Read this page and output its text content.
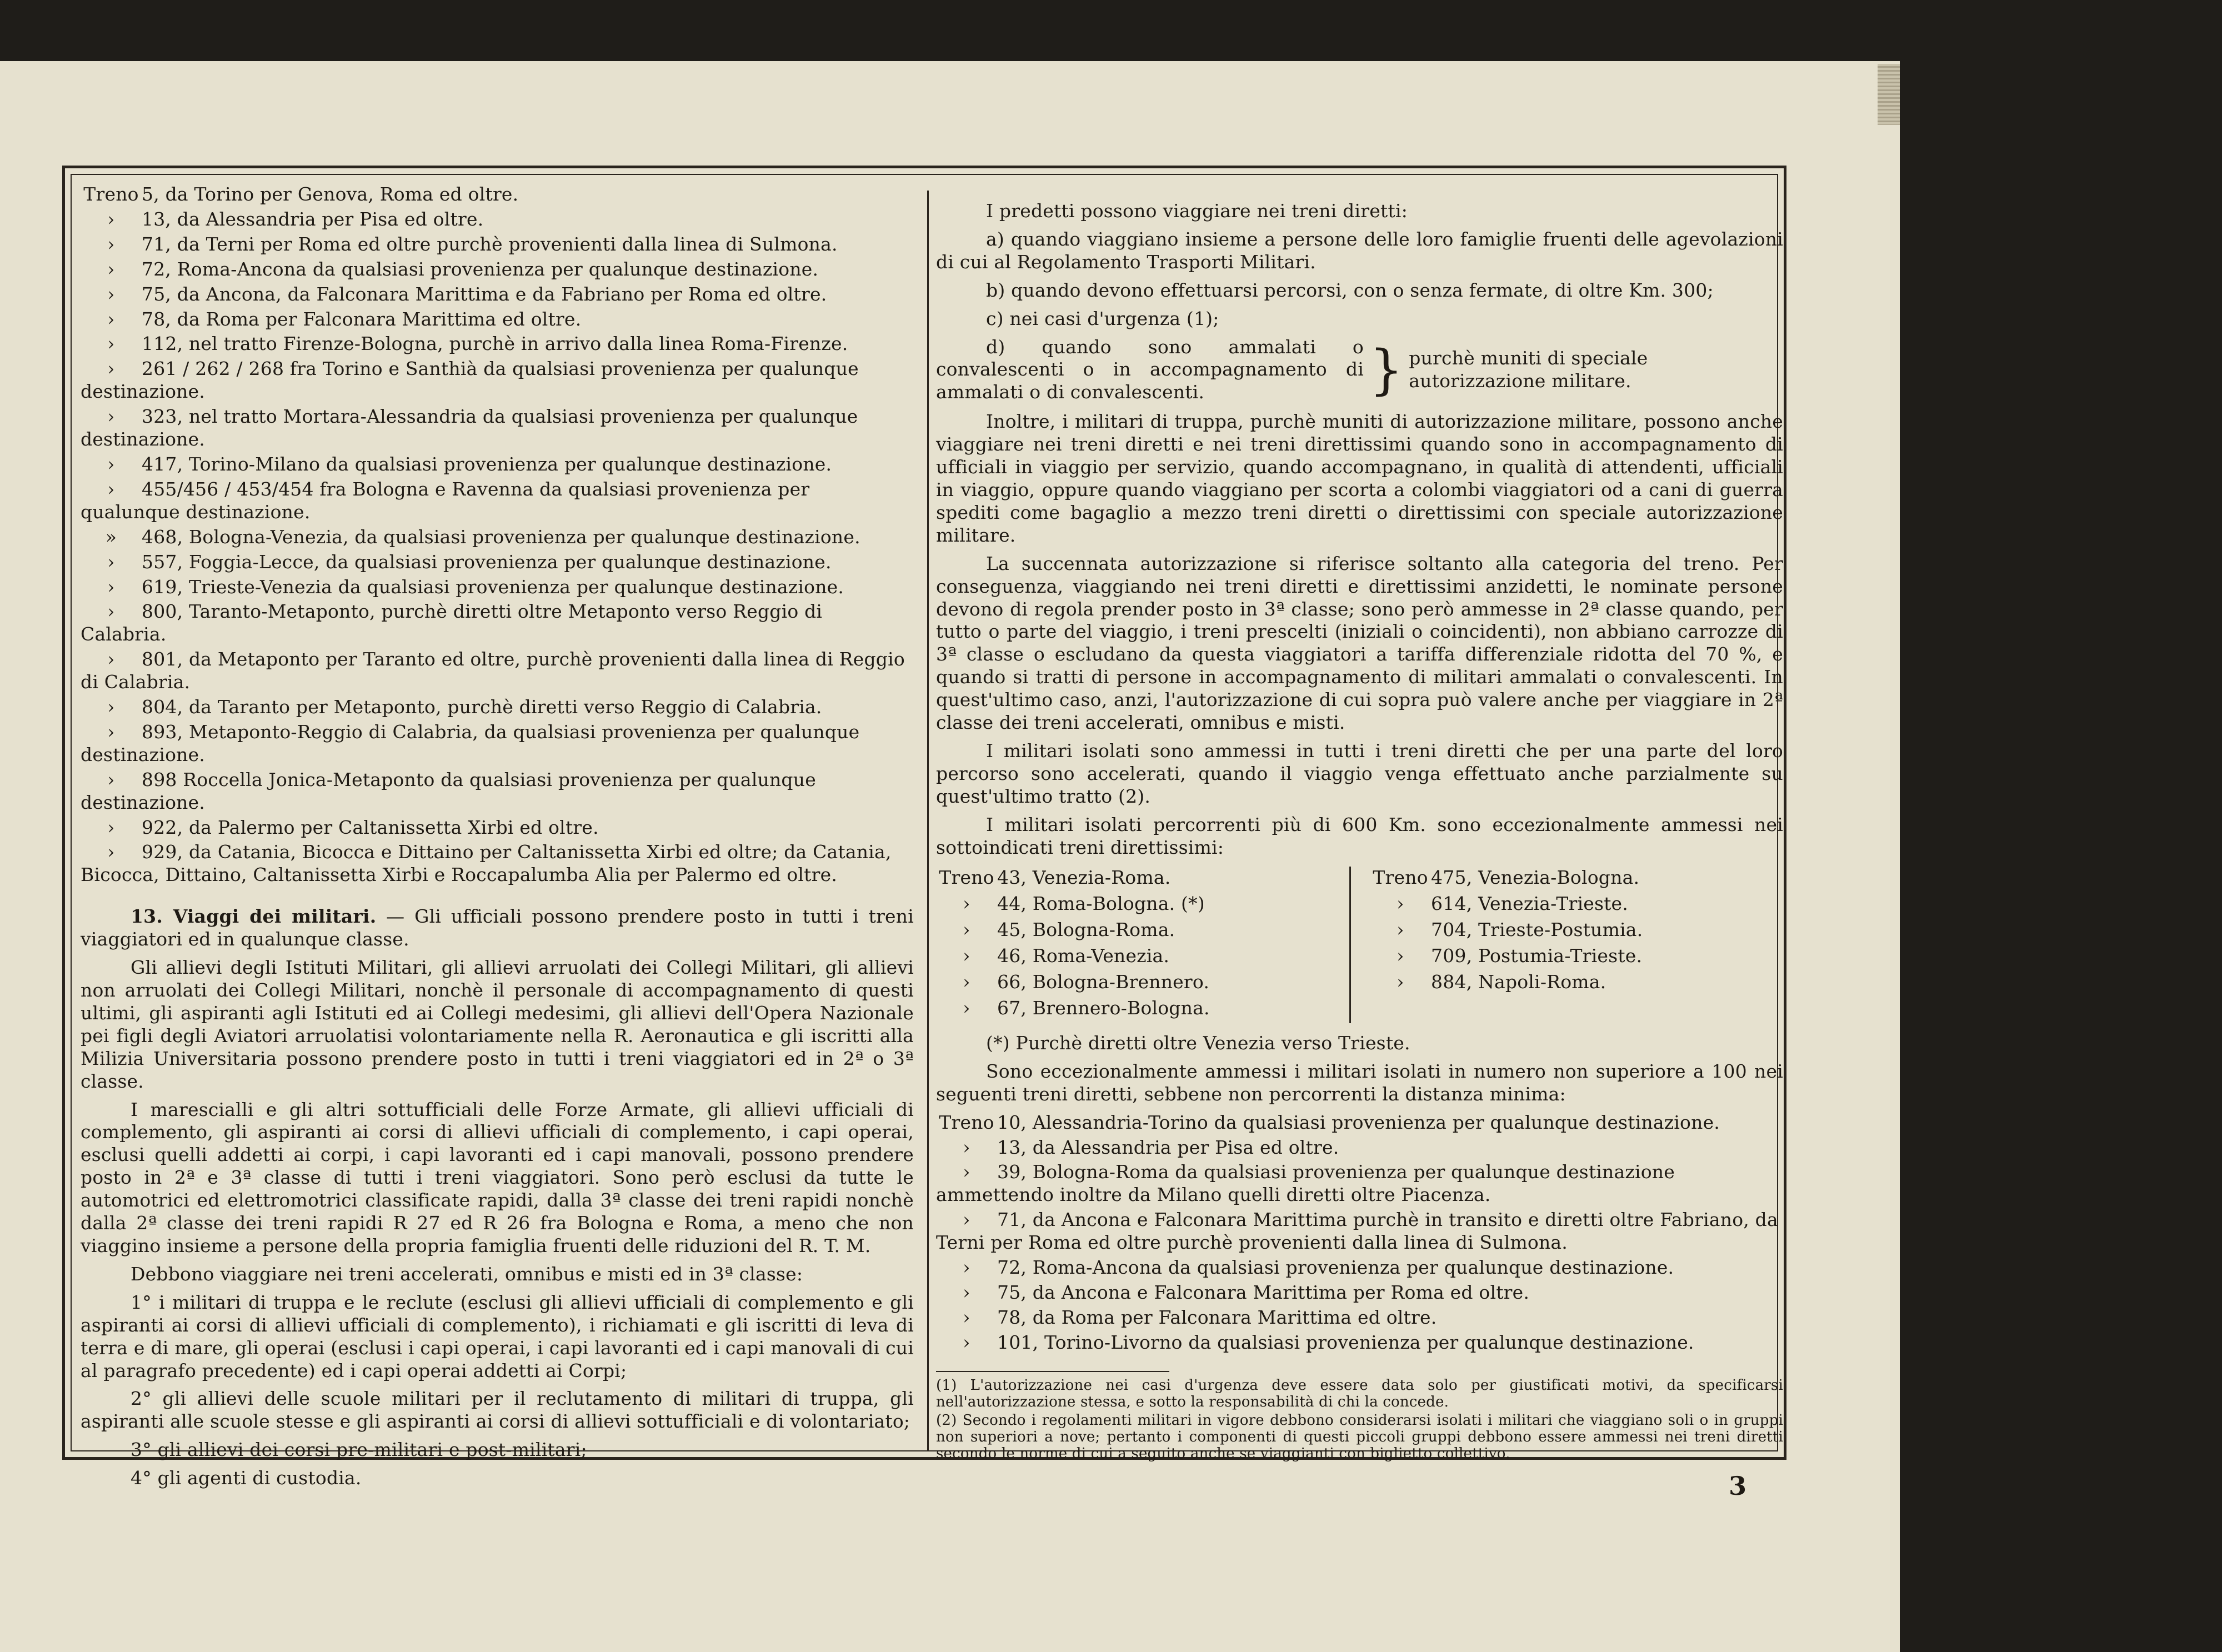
Treno 5, da Torino per Genova, Roma ed oltre.
› 13, da Alessandria per Pisa ed oltre.
› 71, da Terni per Roma ed oltre purchè provenienti dalla linea di Sulmona.
› 72, Roma-Ancona da qualsiasi provenienza per qualunque destinazione.
› 75, da Ancona, da Falconara Marittima e da Fabriano per Roma ed oltre.
› 78, da Roma per Falconara Marittima ed oltre.
› 112, nel tratto Firenze-Bologna, purchè in arrivo dalla linea Roma-Firenze.
› 261 / 262 / 268 fra Torino e Santhià da qualsiasi provenienza per qualunque destinazione.
› 323, nel tratto Mortara-Alessandria da qualsiasi provenienza per qualunque destinazione.
› 417, Torino-Milano da qualsiasi provenienza per qualunque destinazione.
› 455/456 / 453/454 fra Bologna e Ravenna da qualsiasi provenienza per qualunque destinazione.
» 468, Bologna-Venezia, da qualsiasi provenienza per qualunque destinazione.
› 557, Foggia-Lecce, da qualsiasi provenienza per qualunque destinazione.
› 619, Trieste-Venezia da qualsiasi provenienza per qualunque destinazione.
› 800, Taranto-Metaponto, purchè diretti oltre Metaponto verso Reggio di Calabria.
› 801, da Metaponto per Taranto ed oltre, purchè provenienti dalla linea di Reggio di Calabria.
› 804, da Taranto per Metaponto, purchè diretti verso Reggio di Calabria.
› 893, Metaponto-Reggio di Calabria, da qualsiasi provenienza per qualunque destinazione.
› 898 Roccella Jonica-Metaponto da qualsiasi provenienza per qualunque destinazione.
› 922, da Palermo per Caltanissetta Xirbi ed oltre.
› 929, da Catania, Bicocca e Dittaino per Caltanissetta Xirbi ed oltre; da Catania, Bicocca, Dittaino, Caltanissetta Xirbi e Roccapalumba Alia per Palermo ed oltre.

13. Viaggi dei militari. — Gli ufficiali possono prendere posto in tutti i treni viaggiatori ed in qualunque classe.

Gli allievi degli Istituti Militari, gli allievi arruolati dei Collegi Militari, gli allievi non arruolati dei Collegi Militari, nonchè il personale di accompagnamento di questi ultimi, gli aspiranti agli Istituti ed ai Collegi medesimi, gli allievi dell'Opera Nazionale pei figli degli Aviatori arruolatisi volontariamente nella R. Aeronautica e gli iscritti alla Milizia Universitaria possono prendere posto in tutti i treni viaggiatori ed in 2ª o 3ª classe.

I marescialli e gli altri sottufficiali delle Forze Armate, gli allievi ufficiali di complemento, gli aspiranti ai corsi di allievi ufficiali di complemento, i capi operai, esclusi quelli addetti ai corpi, i capi lavoranti ed i capi manovali, possono prendere posto in 2ª e 3ª classe di tutti i treni viaggiatori. Sono però esclusi da tutte le automotrici ed elettromotrici classificate rapidi, dalla 3ª classe dei treni rapidi nonchè dalla 2ª classe dei treni rapidi R 27 ed R 26 fra Bologna e Roma, a meno che non viaggino insieme a persone della propria famiglia fruenti delle riduzioni del R. T. M.

Debbono viaggiare nei treni accelerati, omnibus e misti ed in 3ª classe:

1° i militari di truppa e le reclute (esclusi gli allievi ufficiali di complemento e gli aspiranti ai corsi di allievi ufficiali di complemento), i richiamati e gli iscritti di leva di terra e di mare, gli operai (esclusi i capi operai, i capi lavoranti ed i capi manovali di cui al paragrafo precedente) ed i capi operai addetti ai Corpi;

2° gli allievi delle scuole militari per il reclutamento di militari di truppa, gli aspiranti alle scuole stesse e gli aspiranti ai corsi di allievi sottufficiali e di volontariato;

3° gli allievi dei corsi pre-militari e post-militari;

4° gli agenti di custodia.

I predetti possono viaggiare nei treni diretti:

a) quando viaggiano insieme a persone delle loro famiglie fruenti delle agevolazioni di cui al Regolamento Trasporti Militari.

b) quando devono effettuarsi percorsi, con o senza fermate, di oltre Km. 300;

c) nei casi d'urgenza (1);

d) quando sono ammalati o convalescenti o in accompagnamento di ammalati o di convalescenti.	} purchè muniti di speciale autorizzazione militare.

Inoltre, i militari di truppa, purchè muniti di autorizzazione militare, possono anche viaggiare nei treni diretti e nei treni direttissimi quando sono in accompagnamento di ufficiali in viaggio per servizio, quando accompagnano, in qualità di attendenti, ufficiali in viaggio, oppure quando viaggiano per scorta a colombi viaggiatori od a cani di guerra spediti come bagaglio a mezzo treni diretti o direttissimi con speciale autorizzazione militare.

La succennata autorizzazione si riferisce soltanto alla categoria del treno. Per conseguenza, viaggiando nei treni diretti e direttissimi anzidetti, le nominate persone devono di regola prender posto in 3ª classe; sono però ammesse in 2ª classe quando, per tutto o parte del viaggio, i treni prescelti (iniziali o coincidenti), non abbiano carrozze di 3ª classe o escludano da questa viaggiatori a tariffa differenziale ridotta del 70 %, e quando si tratti di persone in accompagnamento di militari ammalati o convalescenti. In quest'ultimo caso, anzi, l'autorizzazione di cui sopra può valere anche per viaggiare in 2ª classe dei treni accelerati, omnibus e misti.

I militari isolati sono ammessi in tutti i treni diretti che per una parte del loro percorso sono accelerati, quando il viaggio venga effettuato anche parzialmente su quest'ultimo tratto (2).

I militari isolati percorrenti più di 600 Km. sono eccezionalmente ammessi nei sottoindicati treni direttissimi:

Treno 43, Venezia-Roma.
› 44, Roma-Bologna. (*)
› 45, Bologna-Roma.
› 46, Roma-Venezia.
› 66, Bologna-Brennero.
› 67, Brennero-Bologna.
Treno 475, Venezia-Bologna.
› 614, Venezia-Trieste.
› 704, Trieste-Postumia.
› 709, Postumia-Trieste.
› 884, Napoli-Roma.

(*) Purchè diretti oltre Venezia verso Trieste.

Sono eccezionalmente ammessi i militari isolati in numero non superiore a 100 nei seguenti treni diretti, sebbene non percorrenti la distanza minima:

Treno 10, Alessandria-Torino da qualsiasi provenienza per qualunque destinazione.
› 13, da Alessandria per Pisa ed oltre.
› 39, Bologna-Roma da qualsiasi provenienza per qualunque destinazione ammettendo inoltre da Milano quelli diretti oltre Piacenza.
› 71, da Ancona e Falconara Marittima purchè in transito e diretti oltre Fabriano, da Terni per Roma ed oltre purchè provenienti dalla linea di Sulmona.
› 72, Roma-Ancona da qualsiasi provenienza per qualunque destinazione.
› 75, da Ancona e Falconara Marittima per Roma ed oltre.
› 78, da Roma per Falconara Marittima ed oltre.
› 101, Torino-Livorno da qualsiasi provenienza per qualunque destinazione.

(1) L'autorizzazione nei casi d'urgenza deve essere data solo per giustificati motivi, da specificarsi nell'autorizzazione stessa, e sotto la responsabilità di chi la concede.

(2) Secondo i regolamenti militari in vigore debbono considerarsi isolati i militari che viaggiano soli o in gruppi non superiori a nove; pertanto i componenti di questi piccoli gruppi debbono essere ammessi nei treni diretti secondo le norme di cui a seguito anche se viaggianti con biglietto collettivo.

3
